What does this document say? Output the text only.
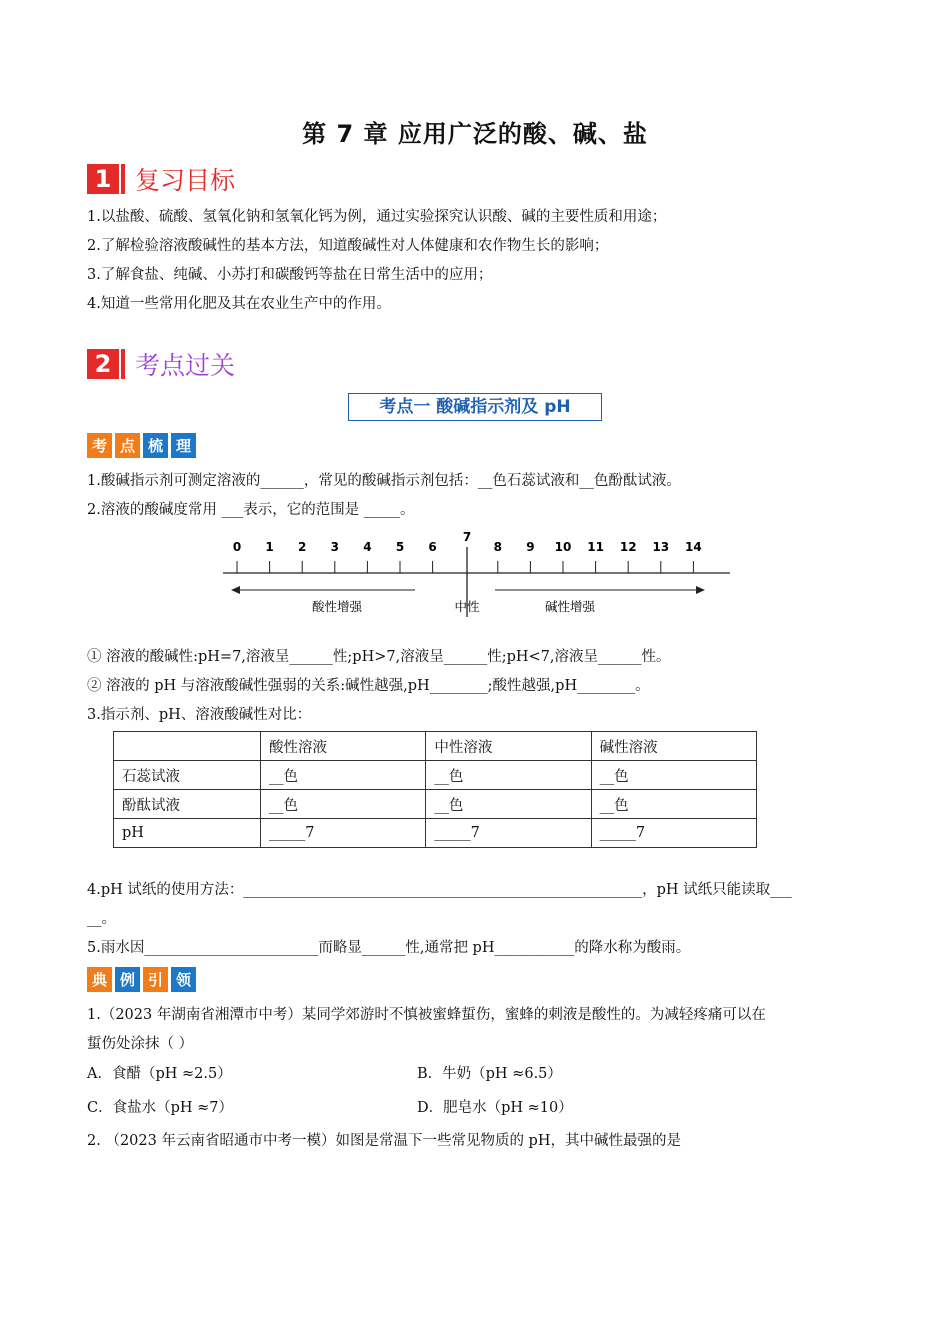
第 7 章 应用广泛的酸、碱、盐
1 复习目标
1.以盐酸、硫酸、氢氧化钠和氢氧化钙为例，通过实验探究认识酸、碱的主要性质和用途；
2.了解检验溶液酸碱性的基本方法，知道酸碱性对人体健康和农作物生长的影响；
3.了解食盐、纯碱、小苏打和碳酸钙等盐在日常生活中的应用；
4.知道一些常用化肥及其在农业生产中的作用。
2 考点过关
考点一 酸碱指示剂及 pH
考 点 梳 理
1.酸碱指示剂可测定溶液的______，常见的酸碱指示剂包括：__色石蕊试液和__色酚酞试液。
2.溶液的酸碱度常用 ___表示，它的范围是 _____。
0 1 2 3 4 5 6
7
8 9 10 11 12 13 14
酸性增强	中性	碱性增强
① 溶液的酸碱性:pH=7,溶液呈______性;pH>7,溶液呈______性;pH<7,溶液呈______性。
② 溶液的 pH 与溶液酸碱性强弱的关系:碱性越强,pH________;酸性越强,pH________。
3.指示剂、pH、溶液酸碱性对比：
	酸性溶液	中性溶液	碱性溶液
石蕊试液	__色	__色	__色
酚酞试液	__色	__色	__色
pH	_____7	_____7	_____7
4.pH 试纸的使用方法：_______________________________________________________，pH 试纸只能读取___
__。
5.雨水因________________________而略显______性,通常把 pH___________的降水称为酸雨。
典 例 引 领
1.（2023 年湖南省湘潭市中考）某同学郊游时不慎被蜜蜂蜇伤，蜜蜂的刺液是酸性的。为减轻疼痛可以在
蜇伤处涂抹（ ）
A．食醋（pH ≈2.5）	B．牛奶（pH ≈6.5）
C．食盐水（pH ≈7）	D．肥皂水（pH ≈10）
2. （2023 年云南省昭通市中考一模）如图是常温下一些常见物质的 pH，其中碱性最强的是
